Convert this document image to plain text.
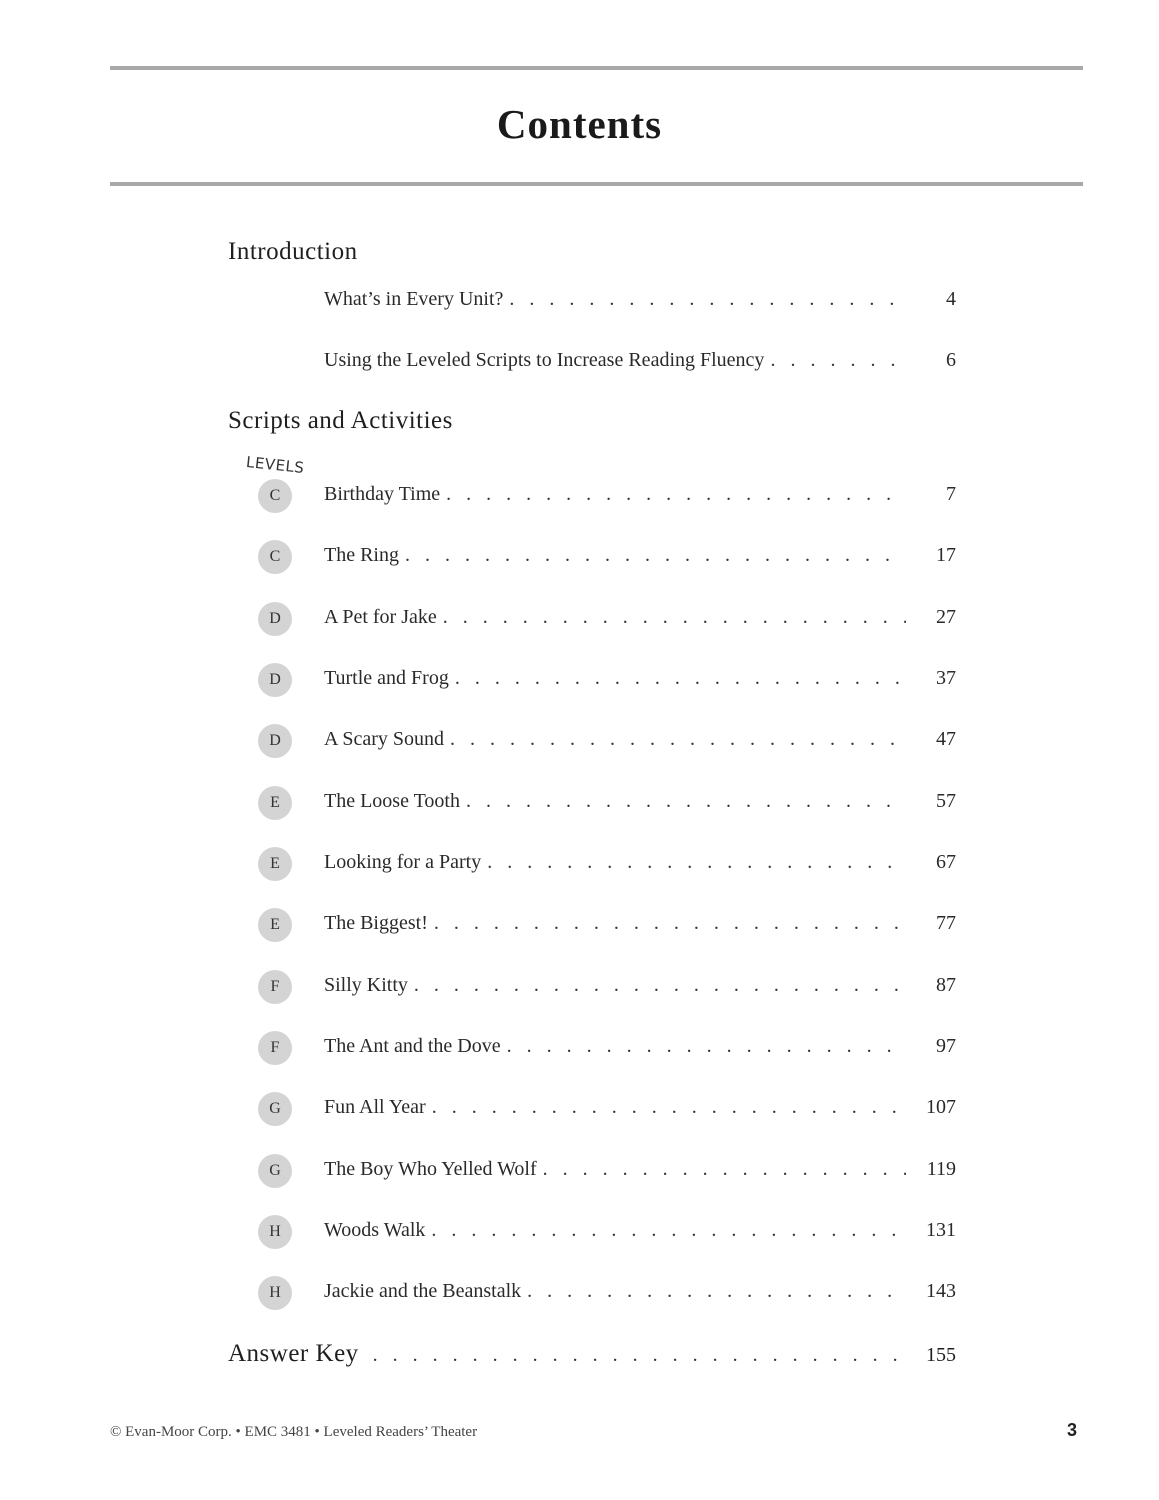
Contents
Introduction
What’s in Every Unit? . . .	4
Using the Leveled Scripts to Increase Reading Fluency . . .	6
Scripts and Activities
LEVELS
C	Birthday Time . . .	7
C	The Ring . . .	17
D	A Pet for Jake . . .	27
D	Turtle and Frog . . .	37
D	A Scary Sound . . .	47
E	The Loose Tooth . . .	57
E	Looking for a Party . . .	67
E	The Biggest! . . .	77
F	Silly Kitty . . .	87
F	The Ant and the Dove . . .	97
G	Fun All Year . . .	107
G	The Boy Who Yelled Wolf . . .	119
H	Woods Walk . . .	131
H	Jackie and the Beanstalk . . .	143
Answer Key . . .	155
© Evan-Moor Corp. • EMC 3481 • Leveled Readers’ Theater	3
